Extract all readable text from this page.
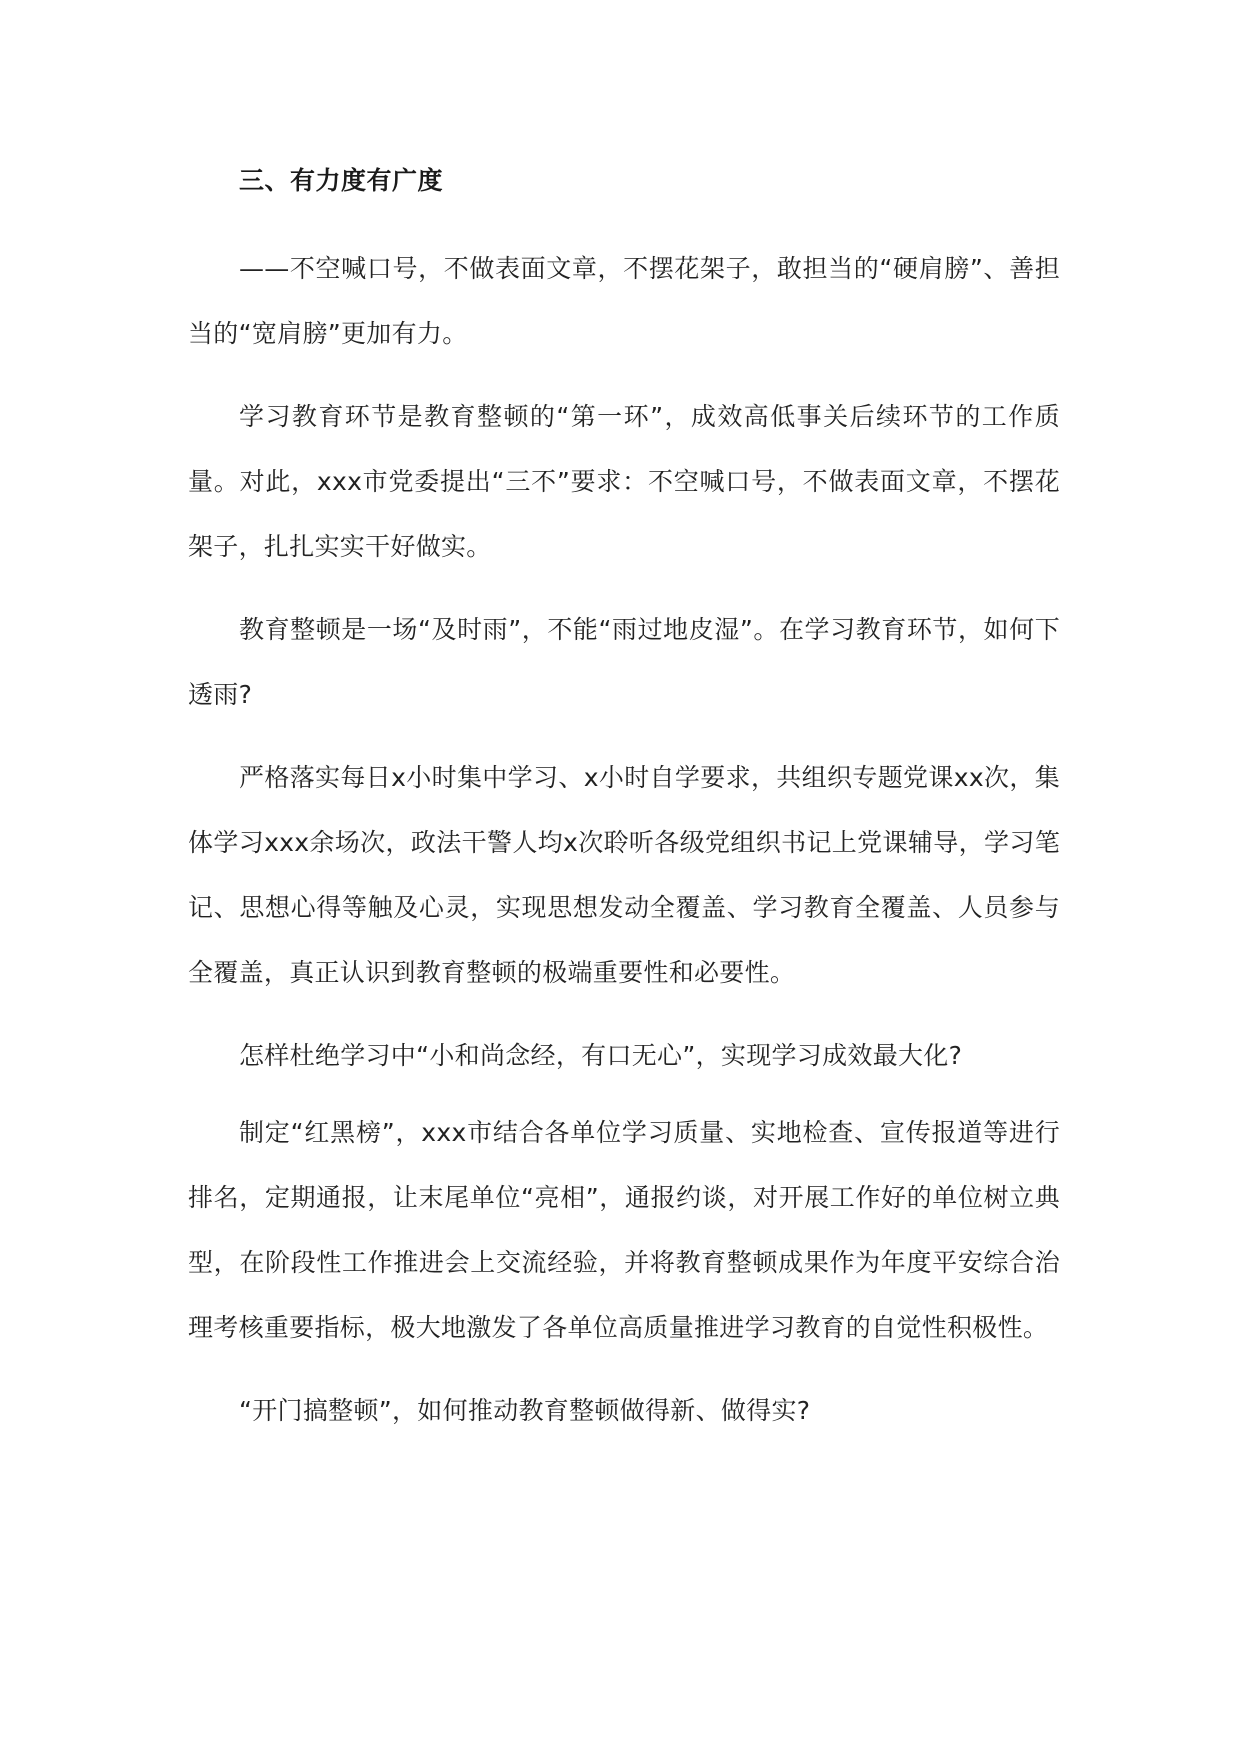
三、有力度有广度

——不空喊口号，不做表面文章，不摆花架子，敢担当的“硬肩膀”、善担当的“宽肩膀”更加有力。

学习教育环节是教育整顿的“第一环”，成效高低事关后续环节的工作质量。对此，xxx市党委提出“三不”要求：不空喊口号，不做表面文章，不摆花架子，扎扎实实干好做实。

教育整顿是一场“及时雨”，不能“雨过地皮湿”。在学习教育环节，如何下透雨?

严格落实每日x小时集中学习、x小时自学要求，共组织专题党课xx次，集体学习xxx余场次，政法干警人均x次聆听各级党组织书记上党课辅导，学习笔记、思想心得等触及心灵，实现思想发动全覆盖、学习教育全覆盖、人员参与全覆盖，真正认识到教育整顿的极端重要性和必要性。

怎样杜绝学习中“小和尚念经，有口无心”，实现学习成效最大化?

制定“红黑榜”，xxx市结合各单位学习质量、实地检查、宣传报道等进行排名，定期通报，让末尾单位“亮相”，通报约谈，对开展工作好的单位树立典型，在阶段性工作推进会上交流经验，并将教育整顿成果作为年度平安综合治理考核重要指标，极大地激发了各单位高质量推进学习教育的自觉性积极性。

“开门搞整顿”，如何推动教育整顿做得新、做得实?
